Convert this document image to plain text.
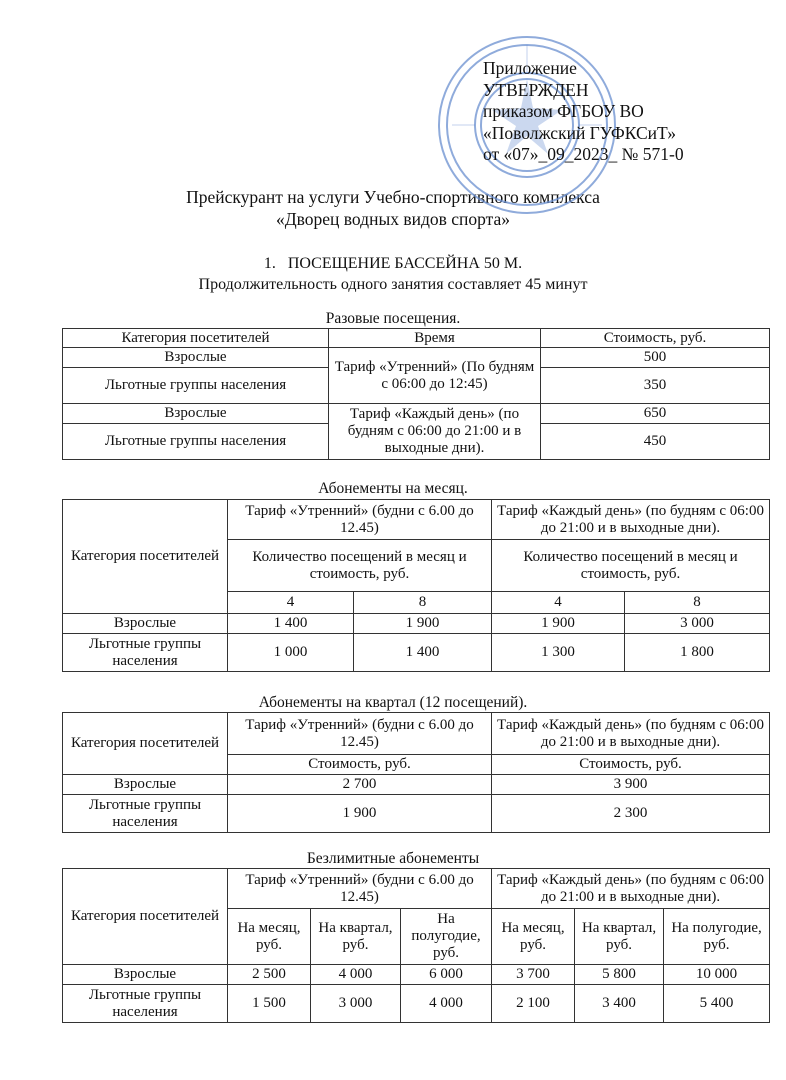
Приложение
УТВЕРЖДЕН
приказом ФГБОУ ВО
«Поволжский ГУФКСиТ»
от «07»_09_2023_ № 571-0
Прейскурант на услуги Учебно-спортивного комплекса
«Дворец водных видов спорта»
1.   ПОСЕЩЕНИЕ БАССЕЙНА 50 М.
Продолжительность одного занятия составляет 45 минут
Разовые посещения.
Категория посетителей	Время	Стоимость, руб.
Взрослые	Тариф «Утренний» (По будням с 06:00 до 12:45)	500
Льготные группы населения		350
Взрослые	Тариф «Каждый день» (по будням с 06:00 до 21:00 и в выходные дни).	650
Льготные группы населения		450
Абонементы на месяц.
Категория посетителей	Тариф «Утренний» (будни с 6.00 до 12.45)		Тариф «Каждый день» (по будням с 06:00 до 21:00 и в выходные дни).	
	Количество посещений в месяц и стоимость, руб.		Количество посещений в месяц и стоимость, руб.	
	4	8	4	8
Взрослые	1 400	1 900	1 900	3 000
Льготные группы населения	1 000	1 400	1 300	1 800
Абонементы на квартал (12 посещений).
Категория посетителей	Тариф «Утренний» (будни с 6.00 до 12.45)	Тариф «Каждый день» (по будням с 06:00 до 21:00 и в выходные дни).
	Стоимость, руб.	Стоимость, руб.
Взрослые	2 700	3 900
Льготные группы населения	1 900	2 300
Безлимитные абонементы
Категория посетителей	Тариф «Утренний» (будни с 6.00 до 12.45)			Тариф «Каждый день» (по будням с 06:00 до 21:00 и в выходные дни).		
	На месяц, руб.	На квартал, руб.	На полугодие, руб.	На месяц, руб.	На квартал, руб.	На полугодие, руб.
Взрослые	2 500	4 000	6 000	3 700	5 800	10 000
Льготные группы населения	1 500	3 000	4 000	2 100	3 400	5 400
